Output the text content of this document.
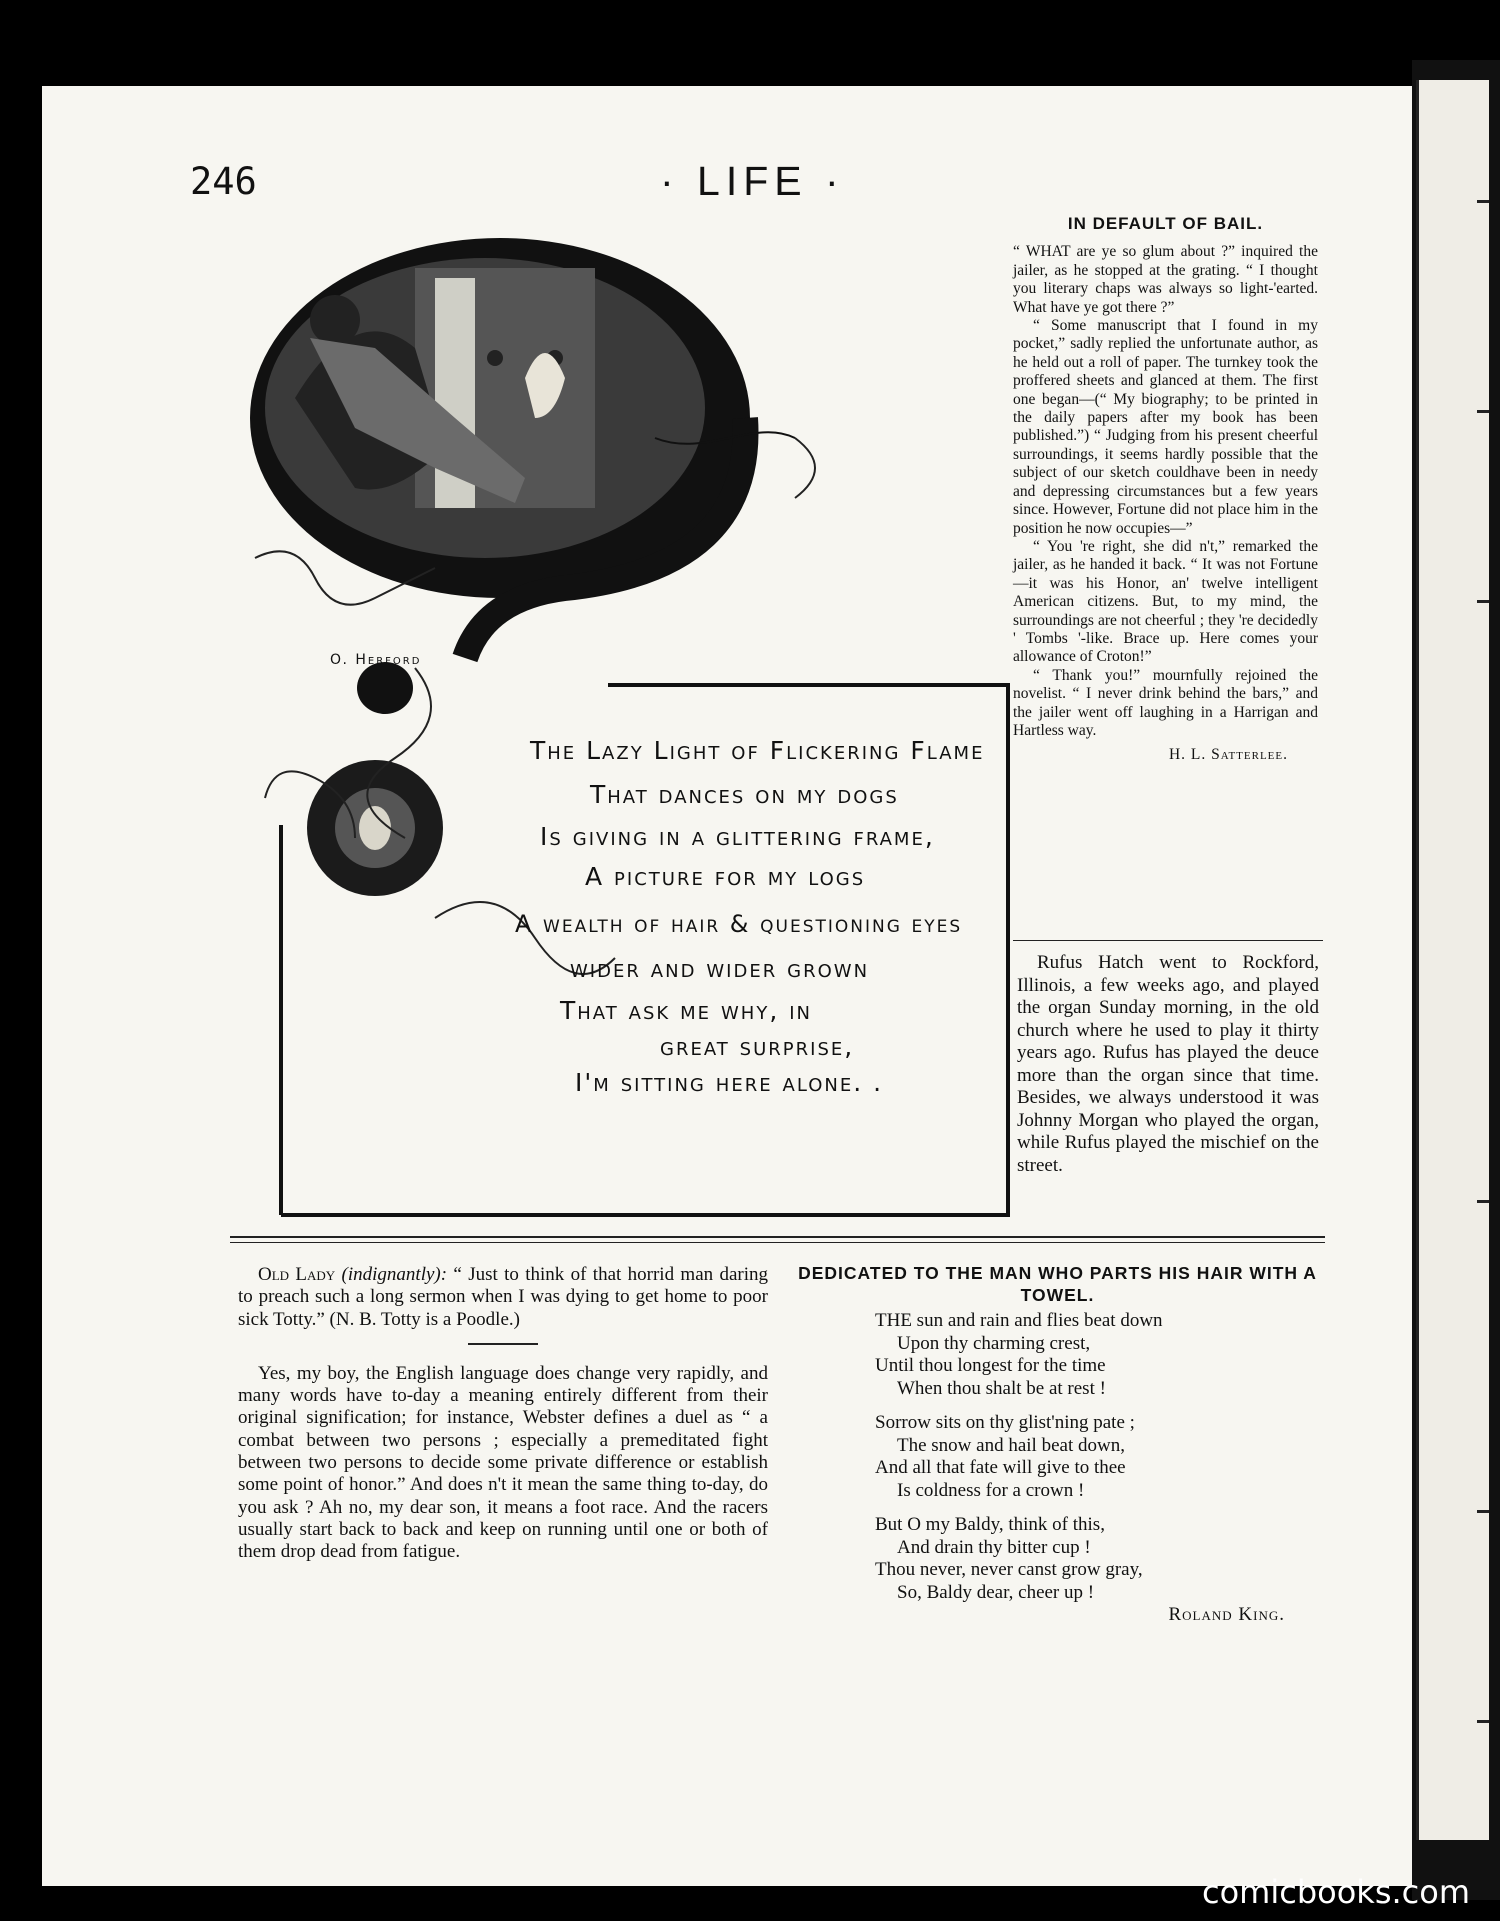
246	· LIFE ·
The Lazy Light of Flickering Flame
That dances on my dogs
Is giving in a glittering frame,
A picture for my logs
A wealth of hair & questioning eyes
wider and wider grown
That ask me why, in
great surprise,
I'm sitting here alone. .
O. Herford
IN DEFAULT OF BAIL.

“ WHAT are ye so glum about ?” inquired the jailer, as he stopped at the grating. “ I thought you literary chaps was always so light-'earted. What have ye got there ?”

“ Some manuscript that I found in my pocket,” sadly replied the unfortunate author, as he held out a roll of paper. The turnkey took the proffered sheets and glanced at them. The first one began—(“ My biography; to be printed in the daily papers after my book has been published.”) “ Judging from his present cheerful surroundings, it seems hardly possible that the subject of our sketch couldhave been in needy and depressing circumstances but a few years since. However, Fortune did not place him in the position he now occupies—”

“ You 're right, she did n't,” remarked the jailer, as he handed it back. “ It was not Fortune—it was his Honor, an' twelve intelligent American citizens. But, to my mind, the surroundings are not cheerful ; they 're decidedly ' Tombs '-like. Brace up. Here comes your allowance of Croton!”

“ Thank you!” mournfully rejoined the novelist. “ I never drink behind the bars,” and the jailer went off laughing in a Harrigan and Hartless way.

H. L. Satterlee.

Rufus Hatch went to Rockford, Illinois, a few weeks ago, and played the organ Sunday morning, in the old church where he used to play it thirty years ago. Rufus has played the deuce more than the organ since that time. Besides, we always understood it was Johnny Morgan who played the organ, while Rufus played the mischief on the street.

Old Lady (indignantly): “ Just to think of that horrid man daring to preach such a long sermon when I was dying to get home to poor sick Totty.” (N. B. Totty is a Poodle.)

Yes, my boy, the English language does change very rapidly, and many words have to-day a meaning entirely different from their original signification; for instance, Webster defines a duel as “ a combat between two persons ; especially a premeditated fight between two persons to decide some private difference or establish some point of honor.” And does n't it mean the same thing to-day, do you ask ? Ah no, my dear son, it means a foot race. And the racers usually start back to back and keep on running until one or both of them drop dead from fatigue.

DEDICATED TO THE MAN WHO PARTS HIS HAIR WITH A TOWEL.
THE sun and rain and flies beat down
Upon thy charming crest,
Until thou longest for the time
When thou shalt be at rest !
Sorrow sits on thy glist'ning pate ;
The snow and hail beat down,
And all that fate will give to thee
Is coldness for a crown !
But O my Baldy, think of this,
And drain thy bitter cup !
Thou never, never canst grow gray,
So, Baldy dear, cheer up !
Roland King.
comicbooks.com
